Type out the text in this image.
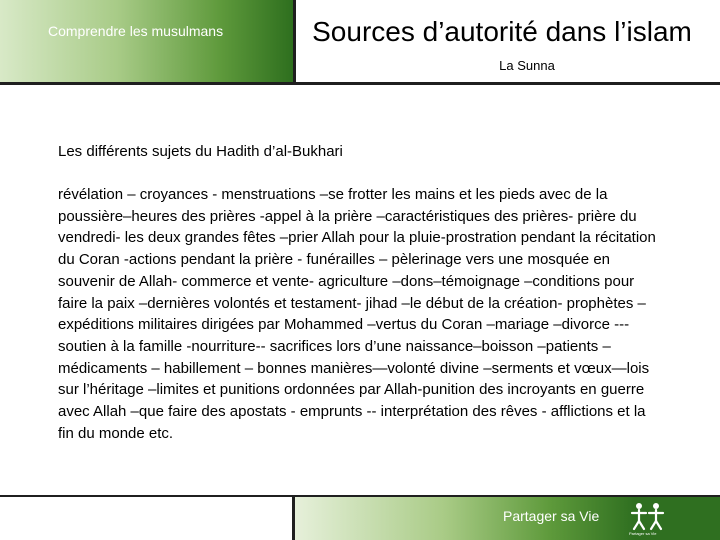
Comprendre les musulmans	Sources d’autorité dans l’islam
La Sunna
Les différents sujets du Hadith d’al-Bukhari
révélation – croyances - menstruations –se frotter les mains et les pieds avec de la poussière–heures des prières -appel à la prière –caractéristiques des prières- prière du vendredi- les deux grandes fêtes –prier Allah pour la pluie-prostration pendant la récitation du Coran -actions pendant la prière - funérailles – pèlerinage vers une mosquée en souvenir de Allah- commerce et vente- agriculture –dons–témoignage –conditions pour faire la paix –dernières volontés et testament- jihad –le début de la création- prophètes –expéditions militaires dirigées par Mohammed –vertus du Coran –mariage –divorce ---soutien à la famille -nourriture-- sacrifices lors d’une naissance–boisson –patients – médicaments – habillement – bonnes manières—volonté divine –serments et vœux—lois sur l’héritage –limites et punitions ordonnées par Allah-punition des incroyants en guerre avec Allah –que faire des apostats - emprunts -- interprétation des rêves - afflictions et la fin du monde etc.
Partager sa Vie
Partager sa Vie
